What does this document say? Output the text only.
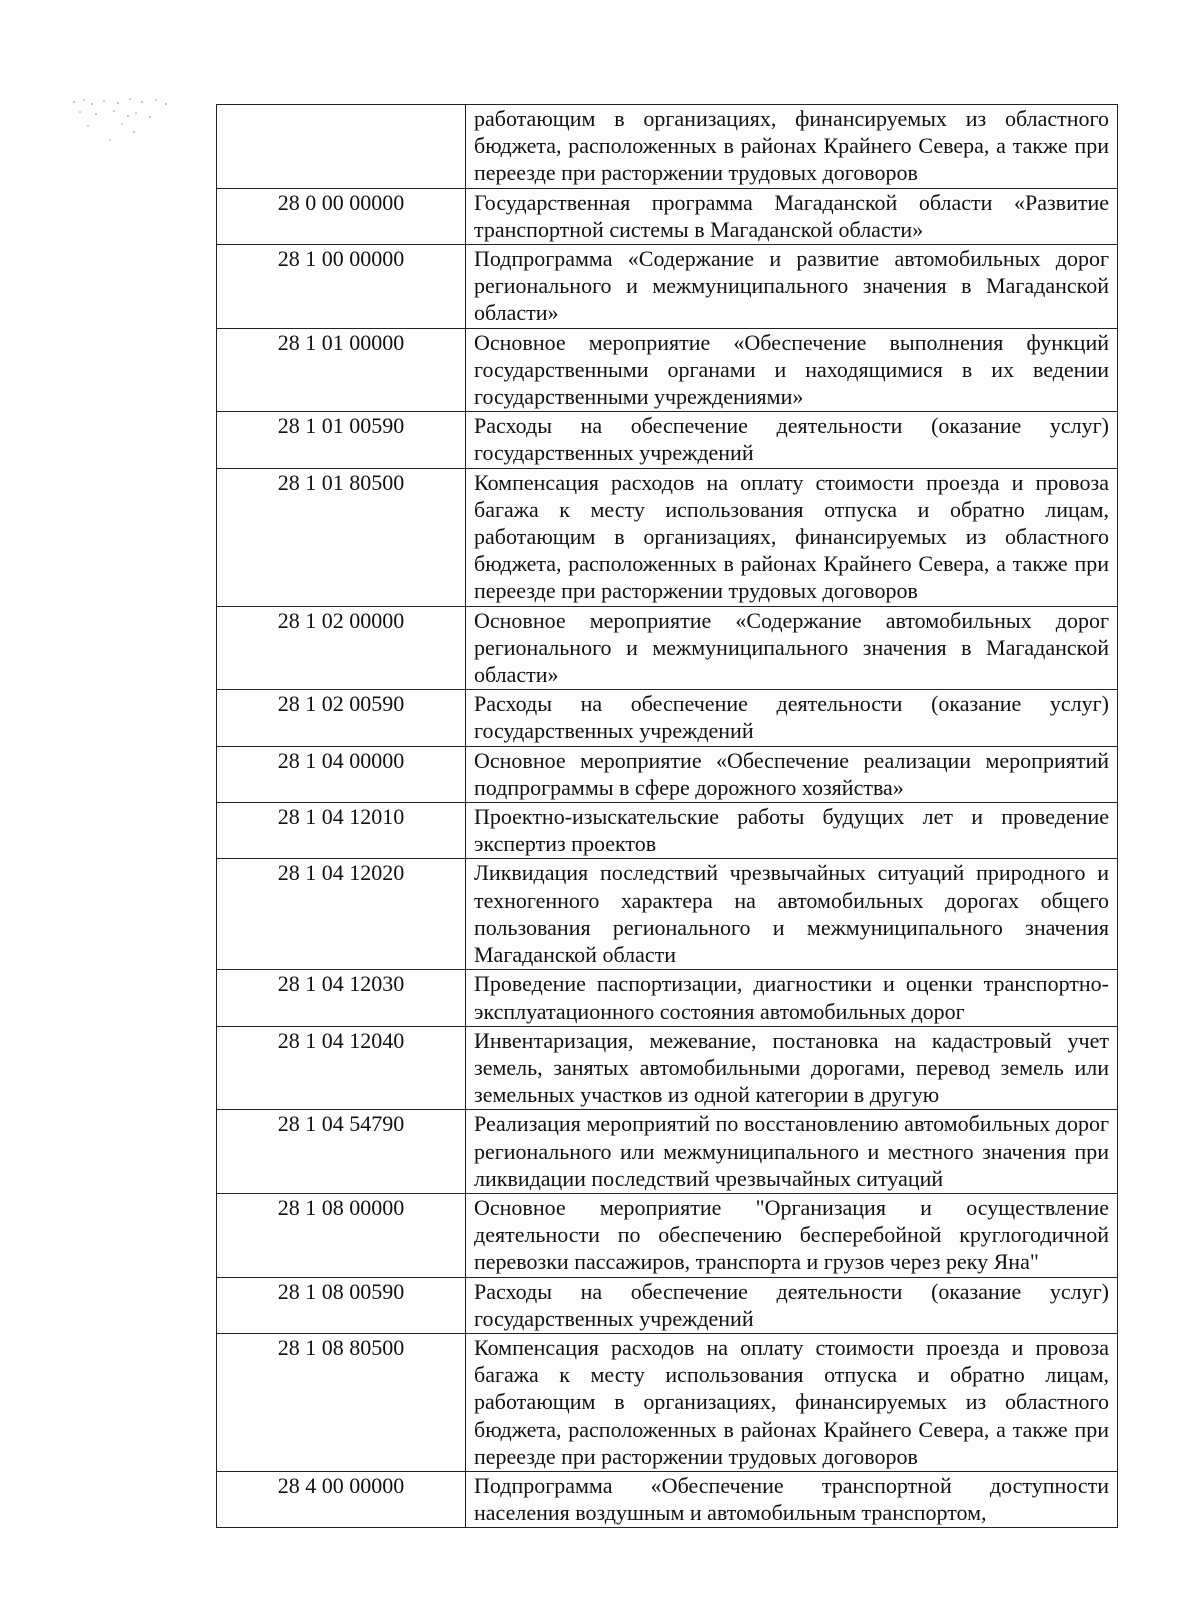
	работающим в организациях, финансируемых из областного бюджета, расположенных в районах Крайнего Севера, а также при переезде при расторжении трудовых договоров
28 0 00 00000	Государственная программа Магаданской области «Развитие транспортной системы в Магаданской области»
28 1 00 00000	Подпрограмма «Содержание и развитие автомобильных дорог регионального и межмуниципального значения в Магаданской области»
28 1 01 00000	Основное мероприятие «Обеспечение выполнения функций государственными органами и находящимися в их ведении государственными учреждениями»
28 1 01 00590	Расходы на обеспечение деятельности (оказание услуг) государственных учреждений
28 1 01 80500	Компенсация расходов на оплату стоимости проезда и провоза багажа к месту использования отпуска и обратно лицам, работающим в организациях, финансируемых из областного бюджета, расположенных в районах Крайнего Севера, а также при переезде при расторжении трудовых договоров
28 1 02 00000	Основное мероприятие «Содержание автомобильных дорог регионального и межмуниципального значения в Магаданской области»
28 1 02 00590	Расходы на обеспечение деятельности (оказание услуг) государственных учреждений
28 1 04 00000	Основное мероприятие «Обеспечение реализации мероприятий подпрограммы в сфере дорожного хозяйства»
28 1 04 12010	Проектно-изыскательские работы будущих лет и проведение экспертиз проектов
28 1 04 12020	Ликвидация последствий чрезвычайных ситуаций природного и техногенного характера на автомобильных дорогах общего пользования регионального и межмуниципального значения Магаданской области
28 1 04 12030	Проведение паспортизации, диагностики и оценки транспортно-эксплуатационного состояния автомобильных дорог
28 1 04 12040	Инвентаризация, межевание, постановка на кадастровый учет земель, занятых автомобильными дорогами, перевод земель или земельных участков из одной категории в другую
28 1 04 54790	Реализация мероприятий по восстановлению автомобильных дорог регионального или межмуниципального и местного значения при ликвидации последствий чрезвычайных ситуаций
28 1 08 00000	Основное мероприятие "Организация и осуществление деятельности по обеспечению бесперебойной круглогодичной перевозки пассажиров, транспорта и грузов через реку Яна"
28 1 08 00590	Расходы на обеспечение деятельности (оказание услуг) государственных учреждений
28 1 08 80500	Компенсация расходов на оплату стоимости проезда и провоза багажа к месту использования отпуска и обратно лицам, работающим в организациях, финансируемых из областного бюджета, расположенных в районах Крайнего Севера, а также при переезде при расторжении трудовых договоров
28 4 00 00000	Подпрограмма «Обеспечение транспортной доступности населения воздушным и автомобильным транспортом,
